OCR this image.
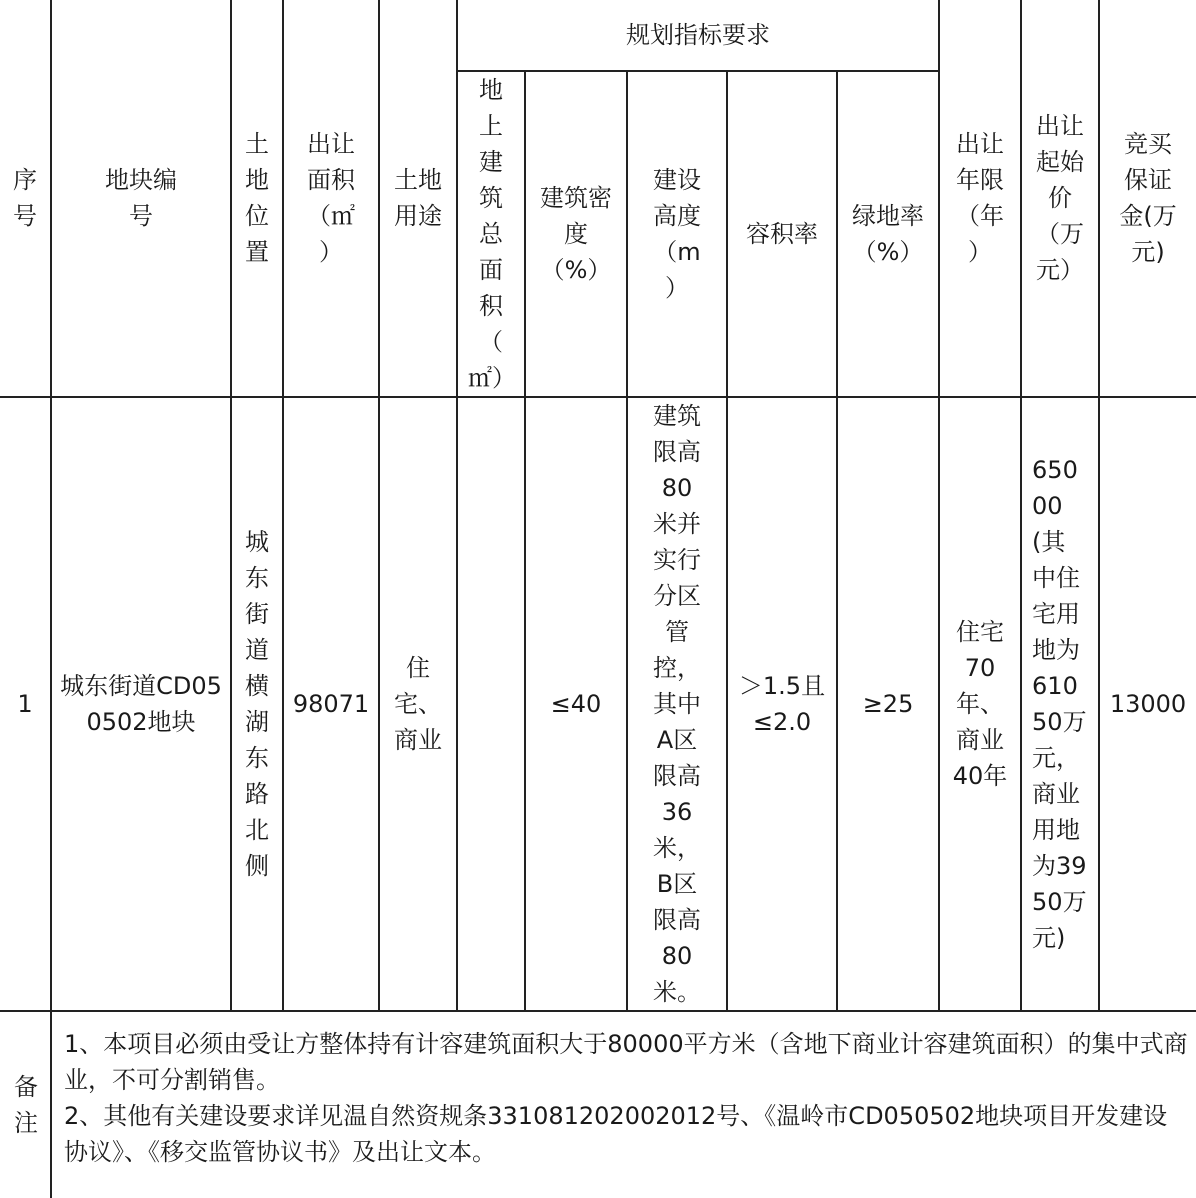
序号	地块编号	土地位置	出让面积（㎡）	土地用途	规划指标要求					出让年限（年）	出让起始价（万元）	竞买保证金(万元)
					地上建筑总面积（㎡）	建筑密度（%）	建设高度（m）	容积率	绿地率（%）			
1	城东街道CD050502地块	城东街道横湖东路北侧	98071	住宅、商业		≤40	建筑限高80米并实行分区管控，其中A区限高36米，B区限高80米。	＞1.5且≤2.0	≥25	住宅70年、商业40年	65000(其中住宅用地为61050万元，商业用地为3950万元)	13000
备注	1、本项目必须由受让方整体持有计容建筑面积大于80000平方米（含地下商业计容建筑面积）的集中式商业，不可分割销售。
2、其他有关建设要求详见温自然资规条331081202002012号、《温岭市CD050502地块项目开发建设协议》、《移交监管协议书》及出让文本。											
